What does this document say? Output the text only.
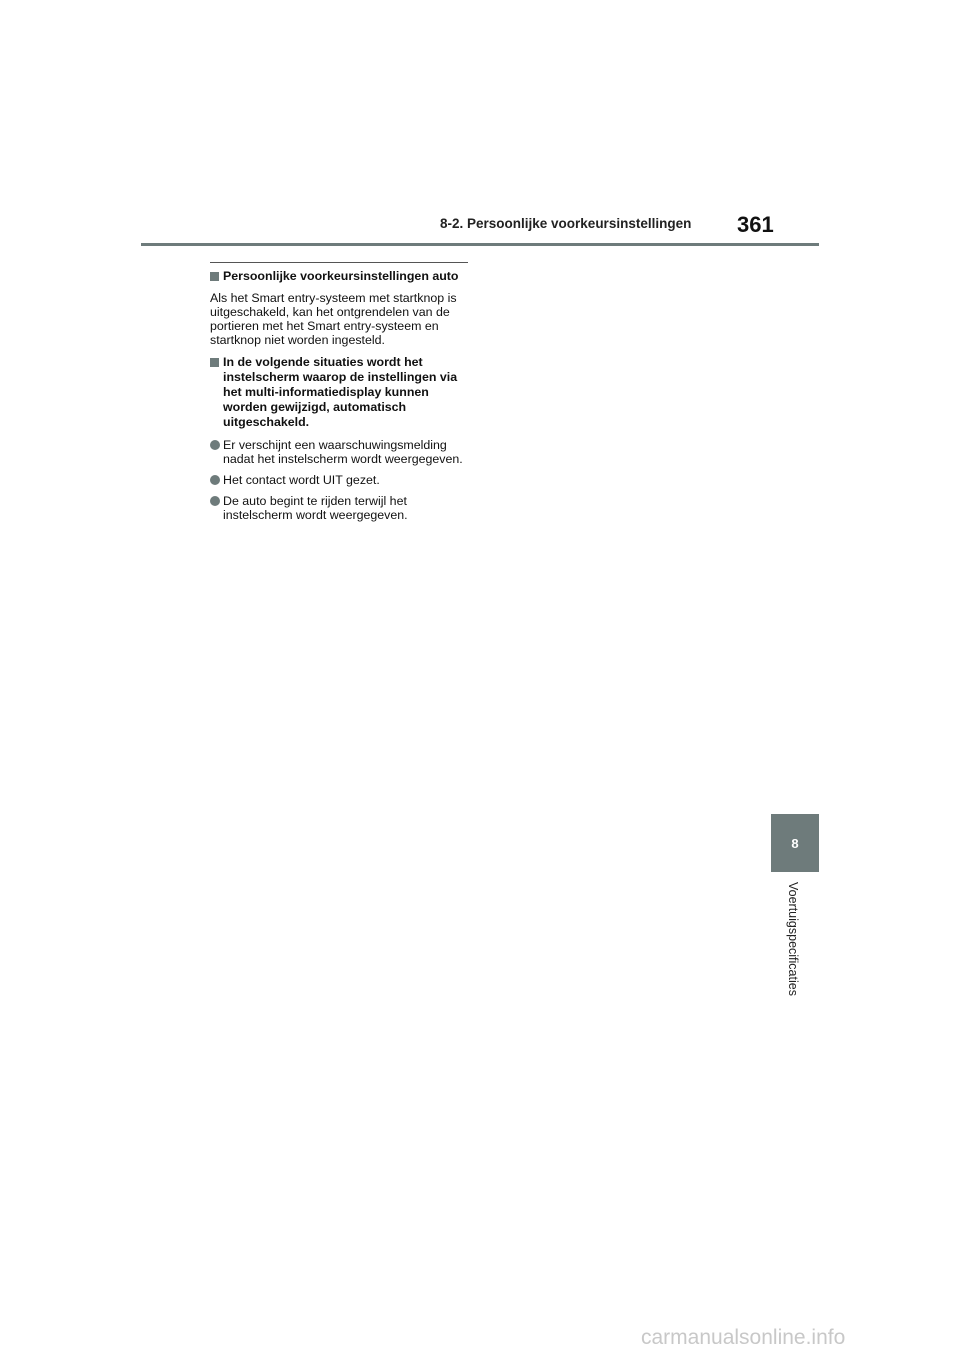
8-2. Persoonlijke voorkeursinstellingen 361
Persoonlijke voorkeursinstellingen auto
Als het Smart entry-systeem met startknop is uitgeschakeld, kan het ontgrendelen van de portieren met het Smart entry-systeem en startknop niet worden ingesteld.
In de volgende situaties wordt het instelscherm waarop de instellingen via het multi-informatiedisplay kunnen worden gewijzigd, automatisch uitgeschakeld.
Er verschijnt een waarschuwingsmelding nadat het instelscherm wordt weergegeven.
Het contact wordt UIT gezet.
De auto begint te rijden terwijl het instelscherm wordt weergegeven.
8
Voertuigspecificaties
carmanualsonline.info
